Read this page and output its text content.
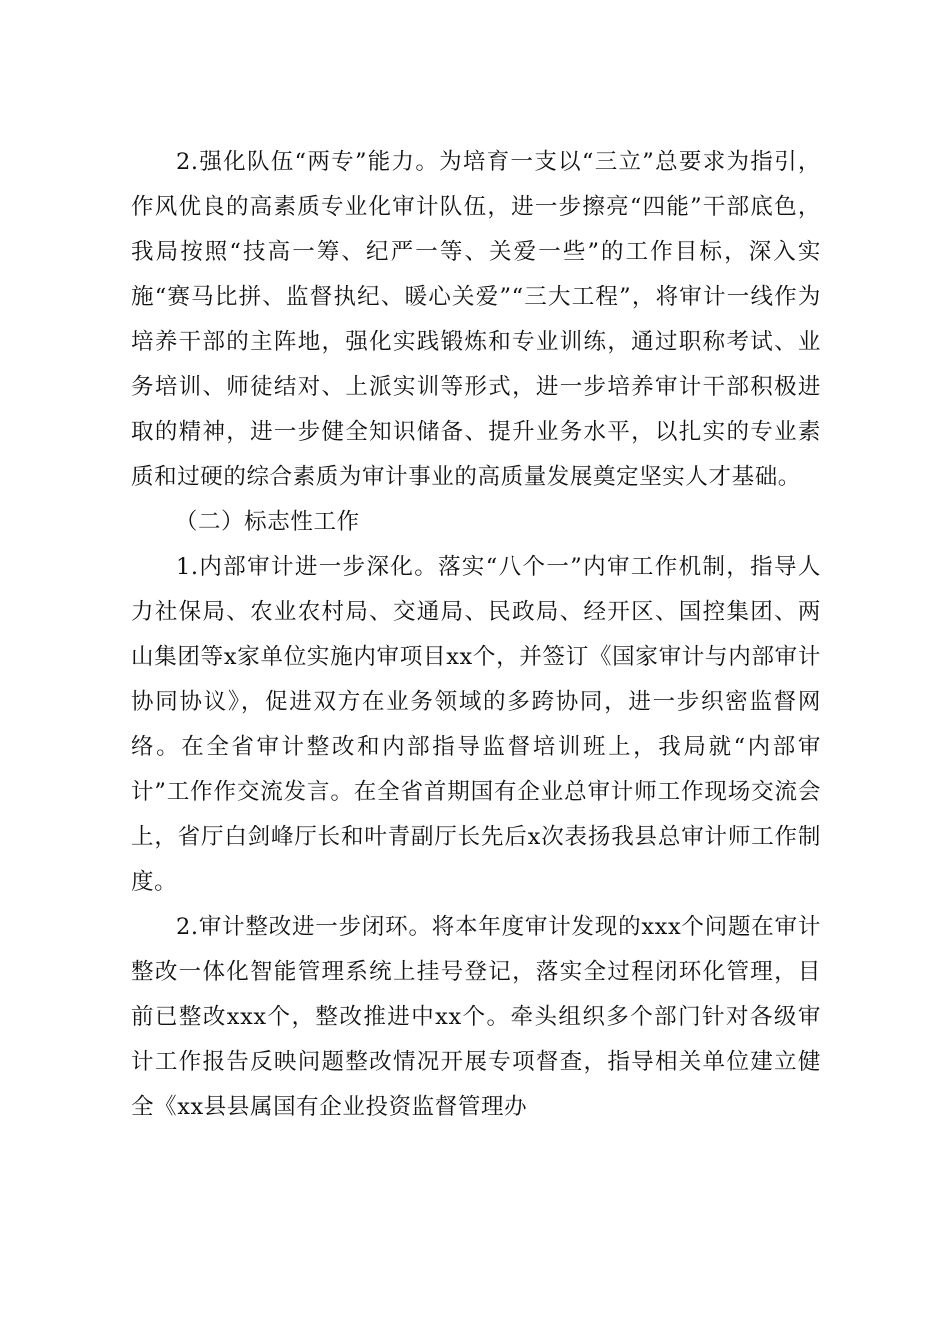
2.强化队伍“两专”能力。为培育一支以“三立”总要求为指引，作风优良的高素质专业化审计队伍，进一步擦亮“四能”干部底色，我局按照“技高一筹、纪严一等、关爱一些”的工作目标，深入实施“赛马比拼、监督执纪、暖心关爱”“三大工程”，将审计一线作为培养干部的主阵地，强化实践锻炼和专业训练，通过职称考试、业务培训、师徒结对、上派实训等形式，进一步培养审计干部积极进取的精神，进一步健全知识储备、提升业务水平，以扎实的专业素质和过硬的综合素质为审计事业的高质量发展奠定坚实人才基础。

（二）标志性工作

1.内部审计进一步深化。落实“八个一”内审工作机制，指导人力社保局、农业农村局、交通局、民政局、经开区、国控集团、两山集团等x家单位实施内审项目xx个，并签订《国家审计与内部审计协同协议》，促进双方在业务领域的多跨协同，进一步织密监督网络。在全省审计整改和内部指导监督培训班上，我局就“内部审计”工作作交流发言。在全省首期国有企业总审计师工作现场交流会上，省厅白剑峰厅长和叶青副厅长先后x次表扬我县总审计师工作制度。

2.审计整改进一步闭环。将本年度审计发现的xxx个问题在审计整改一体化智能管理系统上挂号登记，落实全过程闭环化管理，目前已整改xxx个，整改推进中xx个。牵头组织多个部门针对各级审计工作报告反映问题整改情况开展专项督查，指导相关单位建立健全《xx县县属国有企业投资监督管理办
